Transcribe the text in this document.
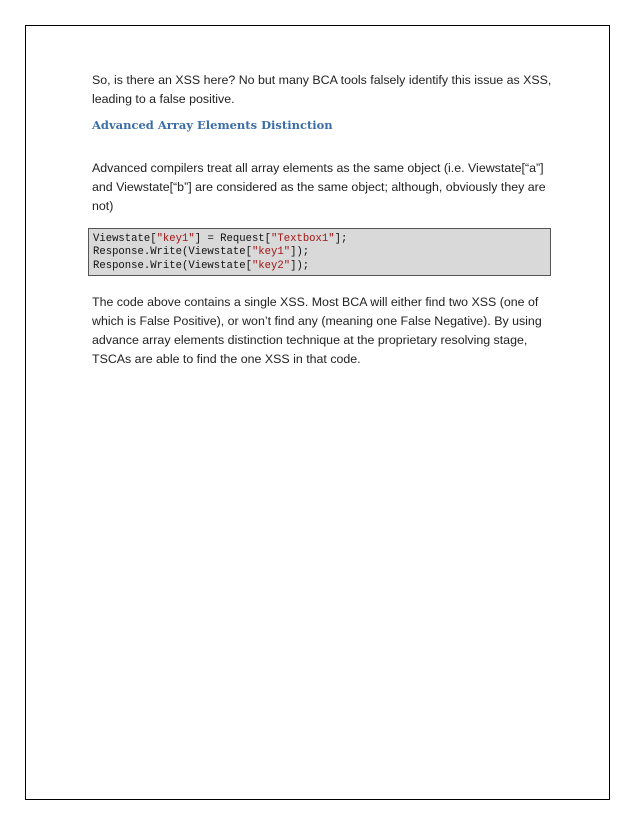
So, is there an XSS here? No but many BCA tools falsely identify this issue as XSS, leading to a false positive.

Advanced Array Elements Distinction

Advanced compilers treat all array elements as the same object (i.e. Viewstate[“a”] and Viewstate[“b”] are considered as the same object; although, obviously they are not)

Viewstate["key1"] = Request["Textbox1"];
Response.Write(Viewstate["key1"]);
Response.Write(Viewstate["key2"]);

The code above contains a single XSS. Most BCA will either find two XSS (one of which is False Positive), or won’t find any (meaning one False Negative). By using advance array elements distinction technique at the proprietary resolving stage, TSCAs are able to find the one XSS in that code.
